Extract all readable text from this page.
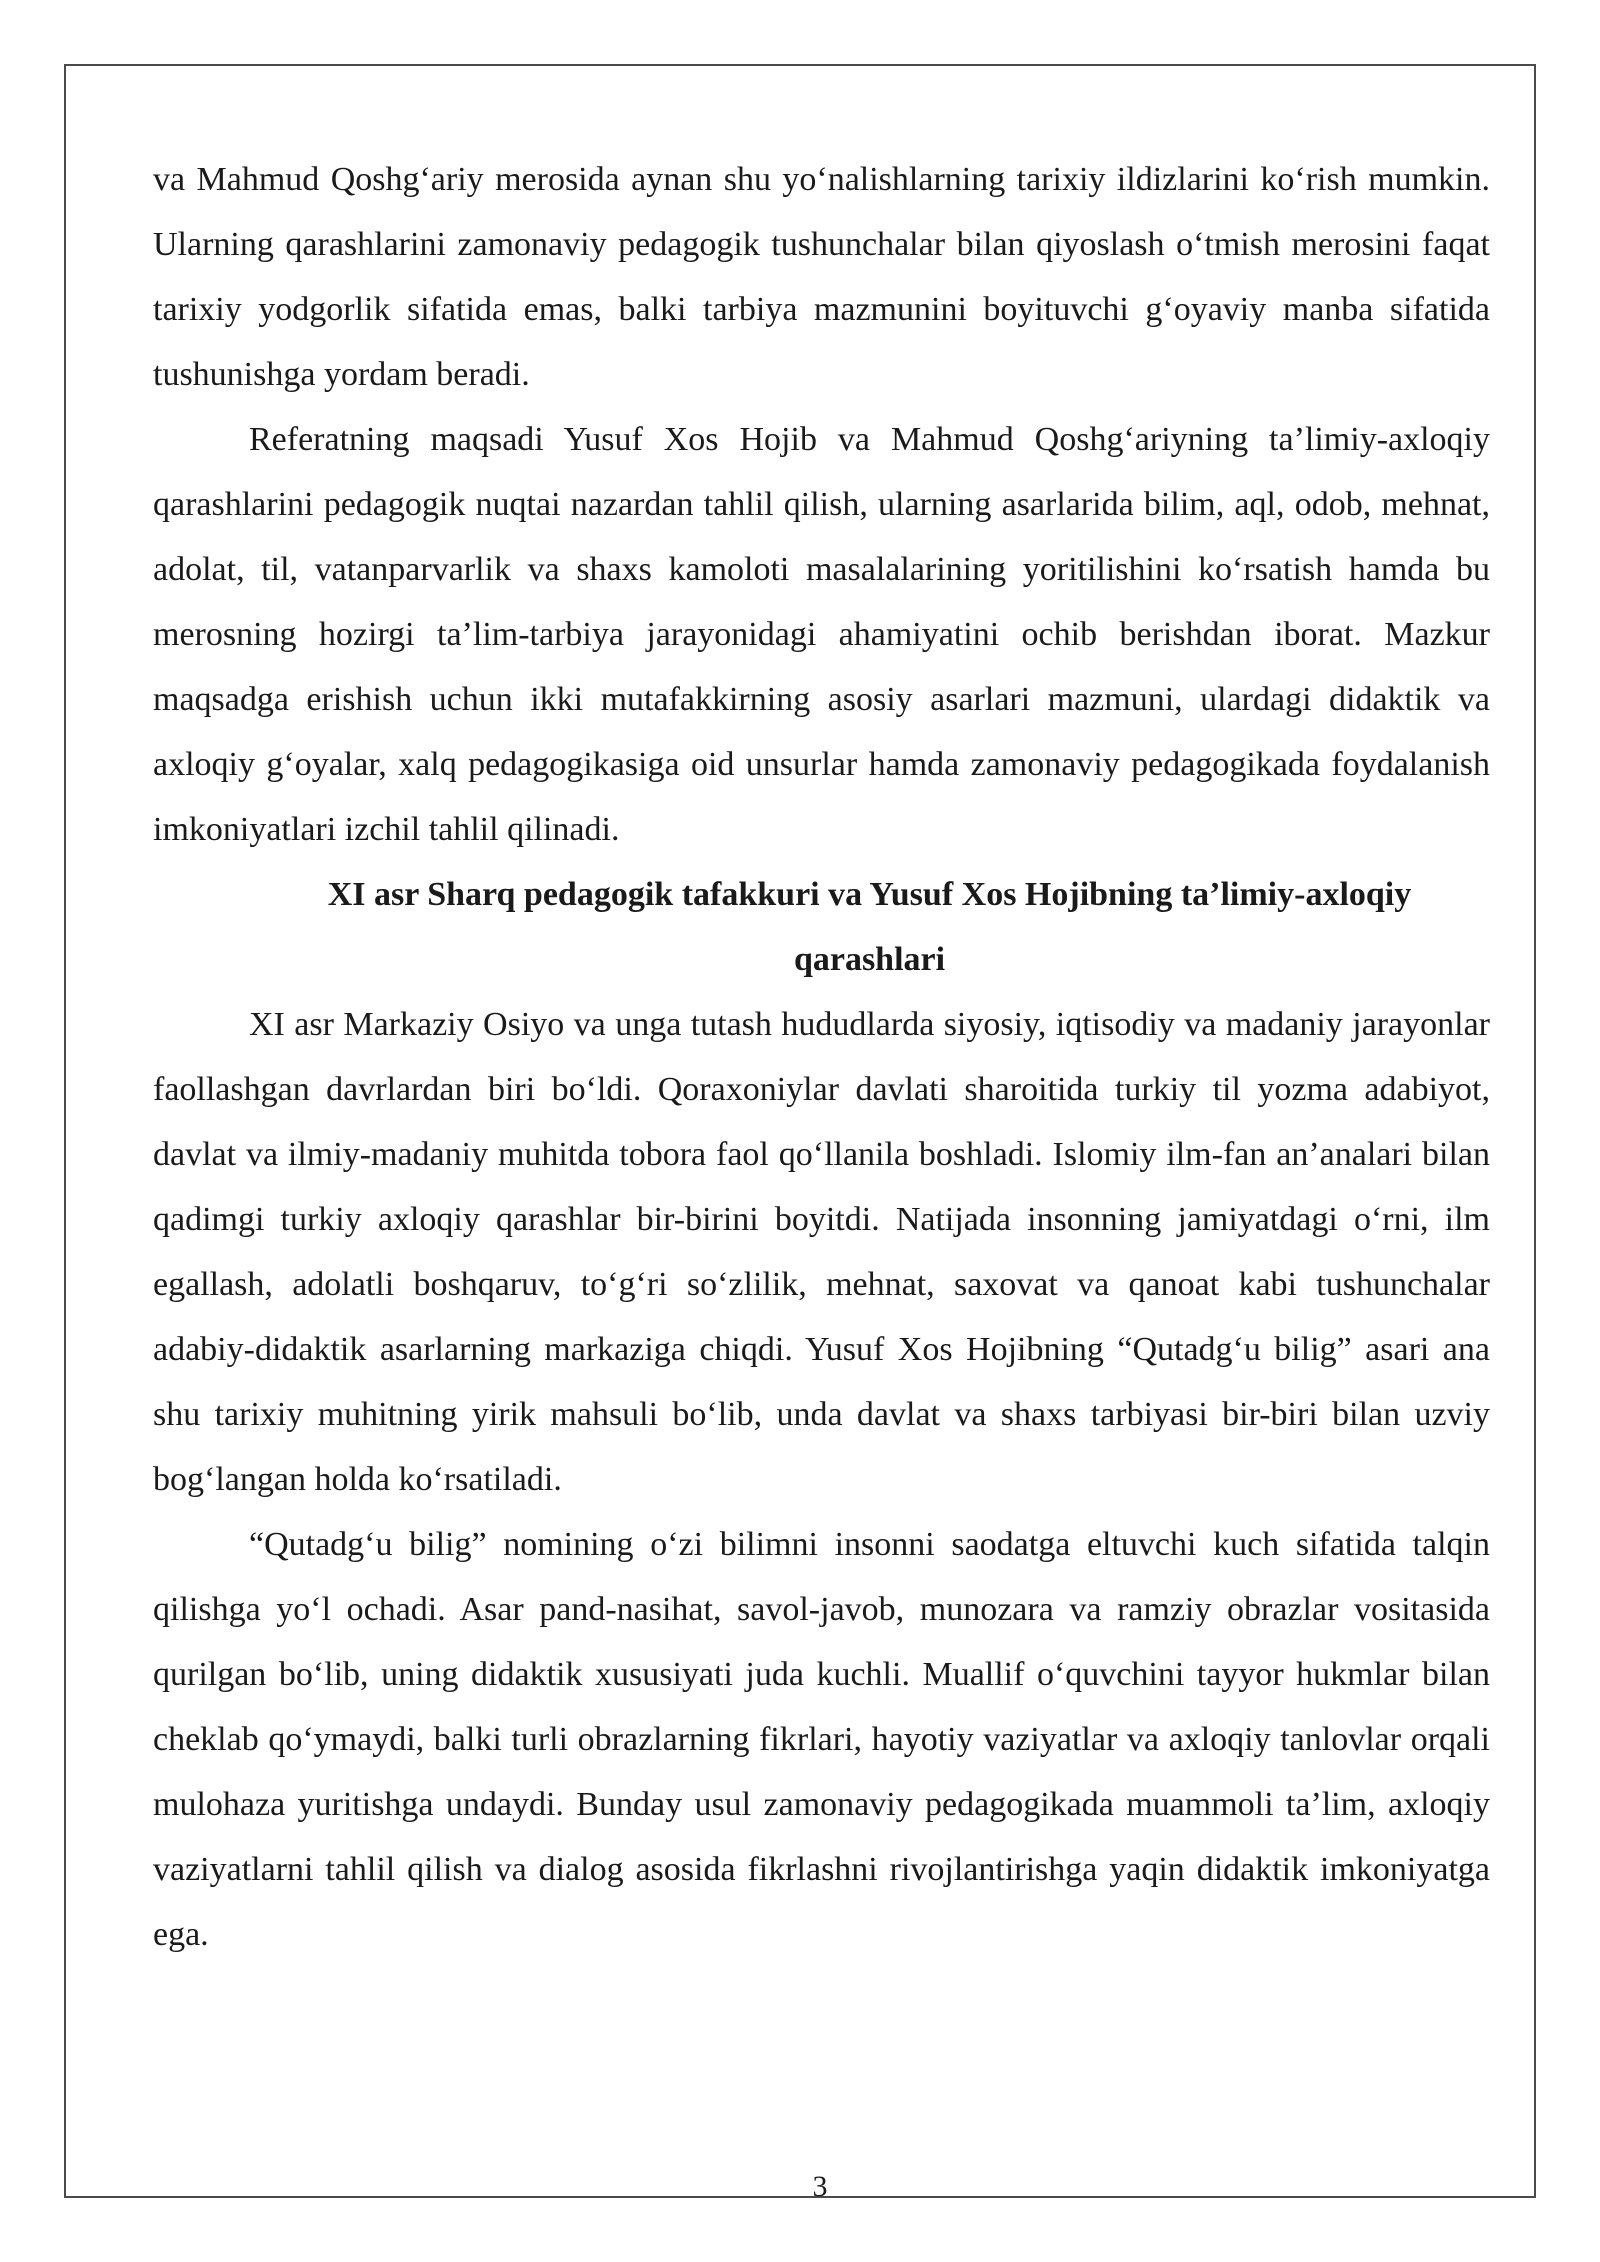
va Mahmud Qoshg‘ariy merosida aynan shu yo‘nalishlarning tarixiy ildizlarini ko‘rish mumkin. Ularning qarashlarini zamonaviy pedagogik tushunchalar bilan qiyoslash o‘tmish merosini faqat tarixiy yodgorlik sifatida emas, balki tarbiya mazmunini boyituvchi g‘oyaviy manba sifatida tushunishga yordam beradi.

Referatning maqsadi Yusuf Xos Hojib va Mahmud Qoshg‘ariyning ta’limiy-axloqiy qarashlarini pedagogik nuqtai nazardan tahlil qilish, ularning asarlarida bilim, aql, odob, mehnat, adolat, til, vatanparvarlik va shaxs kamoloti masalalarining yoritilishini ko‘rsatish hamda bu merosning hozirgi ta’lim-tarbiya jarayonidagi ahamiyatini ochib berishdan iborat. Mazkur maqsadga erishish uchun ikki mutafakkirning asosiy asarlari mazmuni, ulardagi didaktik va axloqiy g‘oyalar, xalq pedagogikasiga oid unsurlar hamda zamonaviy pedagogikada foydalanish imkoniyatlari izchil tahlil qilinadi.

XI asr Sharq pedagogik tafakkuri va Yusuf Xos Hojibning ta’limiy-axloqiy qarashlari

XI asr Markaziy Osiyo va unga tutash hududlarda siyosiy, iqtisodiy va madaniy jarayonlar faollashgan davrlardan biri bo‘ldi. Qoraxoniylar davlati sharoitida turkiy til yozma adabiyot, davlat va ilmiy-madaniy muhitda tobora faol qo‘llanila boshladi. Islomiy ilm-fan an’analari bilan qadimgi turkiy axloqiy qarashlar bir-birini boyitdi. Natijada insonning jamiyatdagi o‘rni, ilm egallash, adolatli boshqaruv, to‘g‘ri so‘zlilik, mehnat, saxovat va qanoat kabi tushunchalar adabiy-didaktik asarlarning markaziga chiqdi. Yusuf Xos Hojibning “Qutadg‘u bilig” asari ana shu tarixiy muhitning yirik mahsuli bo‘lib, unda davlat va shaxs tarbiyasi bir-biri bilan uzviy bog‘langan holda ko‘rsatiladi.

“Qutadg‘u bilig” nomining o‘zi bilimni insonni saodatga eltuvchi kuch sifatida talqin qilishga yo‘l ochadi. Asar pand-nasihat, savol-javob, munozara va ramziy obrazlar vositasida qurilgan bo‘lib, uning didaktik xususiyati juda kuchli. Muallif o‘quvchini tayyor hukmlar bilan cheklab qo‘ymaydi, balki turli obrazlarning fikrlari, hayotiy vaziyatlar va axloqiy tanlovlar orqali mulohaza yuritishga undaydi. Bunday usul zamonaviy pedagogikada muammoli ta’lim, axloqiy vaziyatlarni tahlil qilish va dialog asosida fikrlashni rivojlantirishga yaqin didaktik imkoniyatga ega.

3
